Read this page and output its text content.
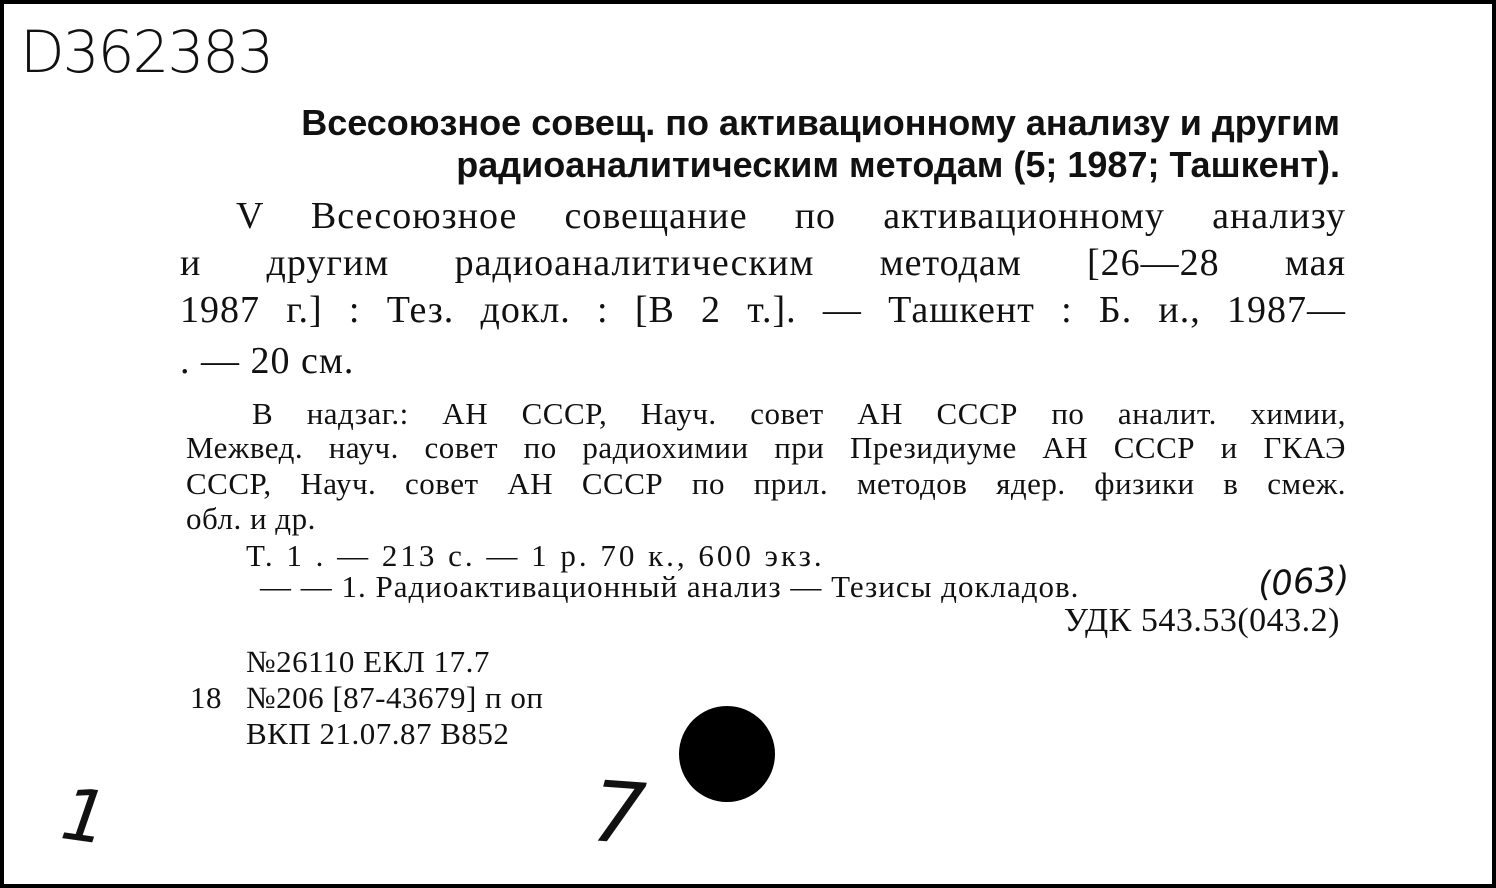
D362383
Всесоюзное совещ. по активационному анализу и другим
радиоаналитическим методам (5; 1987; Ташкент).
V Всесоюзное совещание по активационному анализу
и другим радиоаналитическим методам [26—28 мая
1987 г.] : Тез. докл. : [В 2 т.]. — Ташкент : Б. и., 1987—
. — 20 см.
В надзаг.: АН СССР, Науч. совет АН СССР по аналит. химии,
Межвед. науч. совет по радиохимии при Президиуме АН СССР и ГКАЭ
СССР, Науч. совет АН СССР по прил. методов ядер. физики в смеж.
обл. и др.
Т. 1 . — 213 с. — 1 р. 70 к., 600 экз.
— — 1. Радиоактивационный анализ — Тезисы докладов.	(063)
УДК 543.53(043.2)
№26110 ЕКЛ 17.7
18 №206 [87-43679] п оп
ВКП 21.07.87 В852
1	7
